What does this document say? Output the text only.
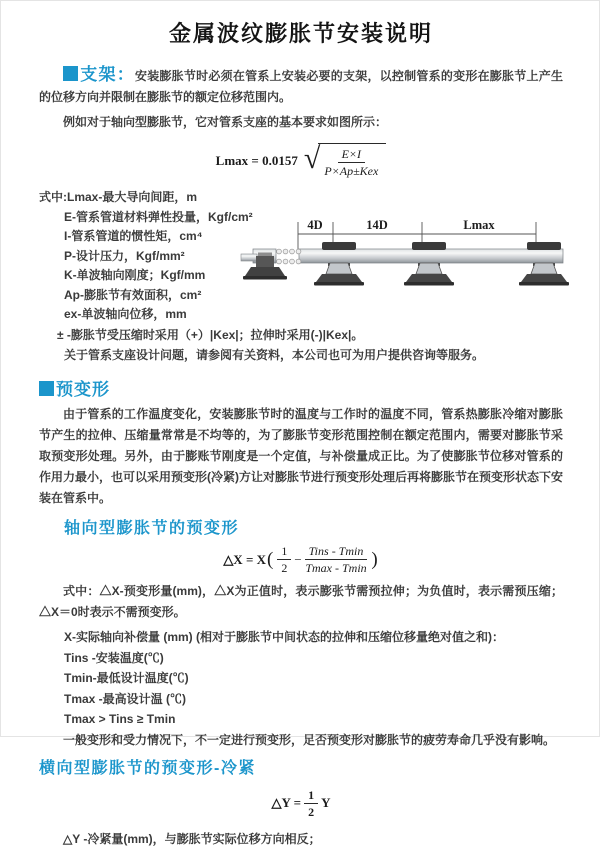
金属波纹膨胀节安装说明

支架：安装膨胀节时必须在管系上安装必要的支架，以控制管系的变形在膨胀节上产生的位移方向并限制在膨胀节的额定位移范围内。

例如对于轴向型膨胀节，它对管系支座的基本要求如图所示：

Lmax = 0.0157 √ $\frac{E\times I}{\text{P×Ap±Kex}}$
式中:Lmax-最大导向间距，m
E-管系管道材料弹性投量，Kgf/cm²
I-管系管道的惯性矩，cm⁴
P-设计压力，Kgf/mm²
K-单波轴向刚度；Kgf/mm
Ap-膨胀节有效面积，cm²
ex-单波轴向位移，mm
4D	14D	Lmax
± -膨胀节受压缩时采用（+）|Kex|；拉伸时采用(-)|Kex|。
关于管系支座设计问题，请参阅有关资料，本公司也可为用户提供咨询等服务。
预变形

由于管系的工作温度变化，安装膨胀节时的温度与工作时的温度不同，管系热膨胀冷缩对膨胀节产生的拉伸、压缩量常常是不均等的，为了膨胀节变形范围控制在额定范围内，需要对膨胀节采取预变形处理。另外，由于膨账节刚度是一个定值，与补偿量成正比。为了使膨胀节位移对管系的作用力最小，也可以采用预变形(冷紧)方让对膨胀节进行预变形处理后再将膨胀节在预变形状态下安装在管系中。

轴向型膨胀节的预变形
△X = X ( $\frac{1}{2} - \frac{\text{Tins - Tmin}}{Tmax - Tmin}$ )

式中：△X-预变形量(mm)，△X为正值时，表示膨张节需预拉伸；为负值时，表示需预压缩；△X＝0时表示不需预变形。

X-实际轴向补偿量 (mm) (相对于膨胀节中间状态的拉伸和压缩位移量绝对值之和)：
Tins -安装温度(℃)
Tmin-最低设计温度(℃)
Tmax -最高设计温 (℃)
Tmax > Tins ≥ Tmin

一般变形和受力情况下，不一定进行预变形，足否预变形对膨胀节的疲劳寿命几乎没有影响。

横向型膨胀节的预变形-冷紧
△Y = $\frac{1}{2}$ Y

△Y -冷紧量(mm)，与膨胀节实际位移方向相反；
